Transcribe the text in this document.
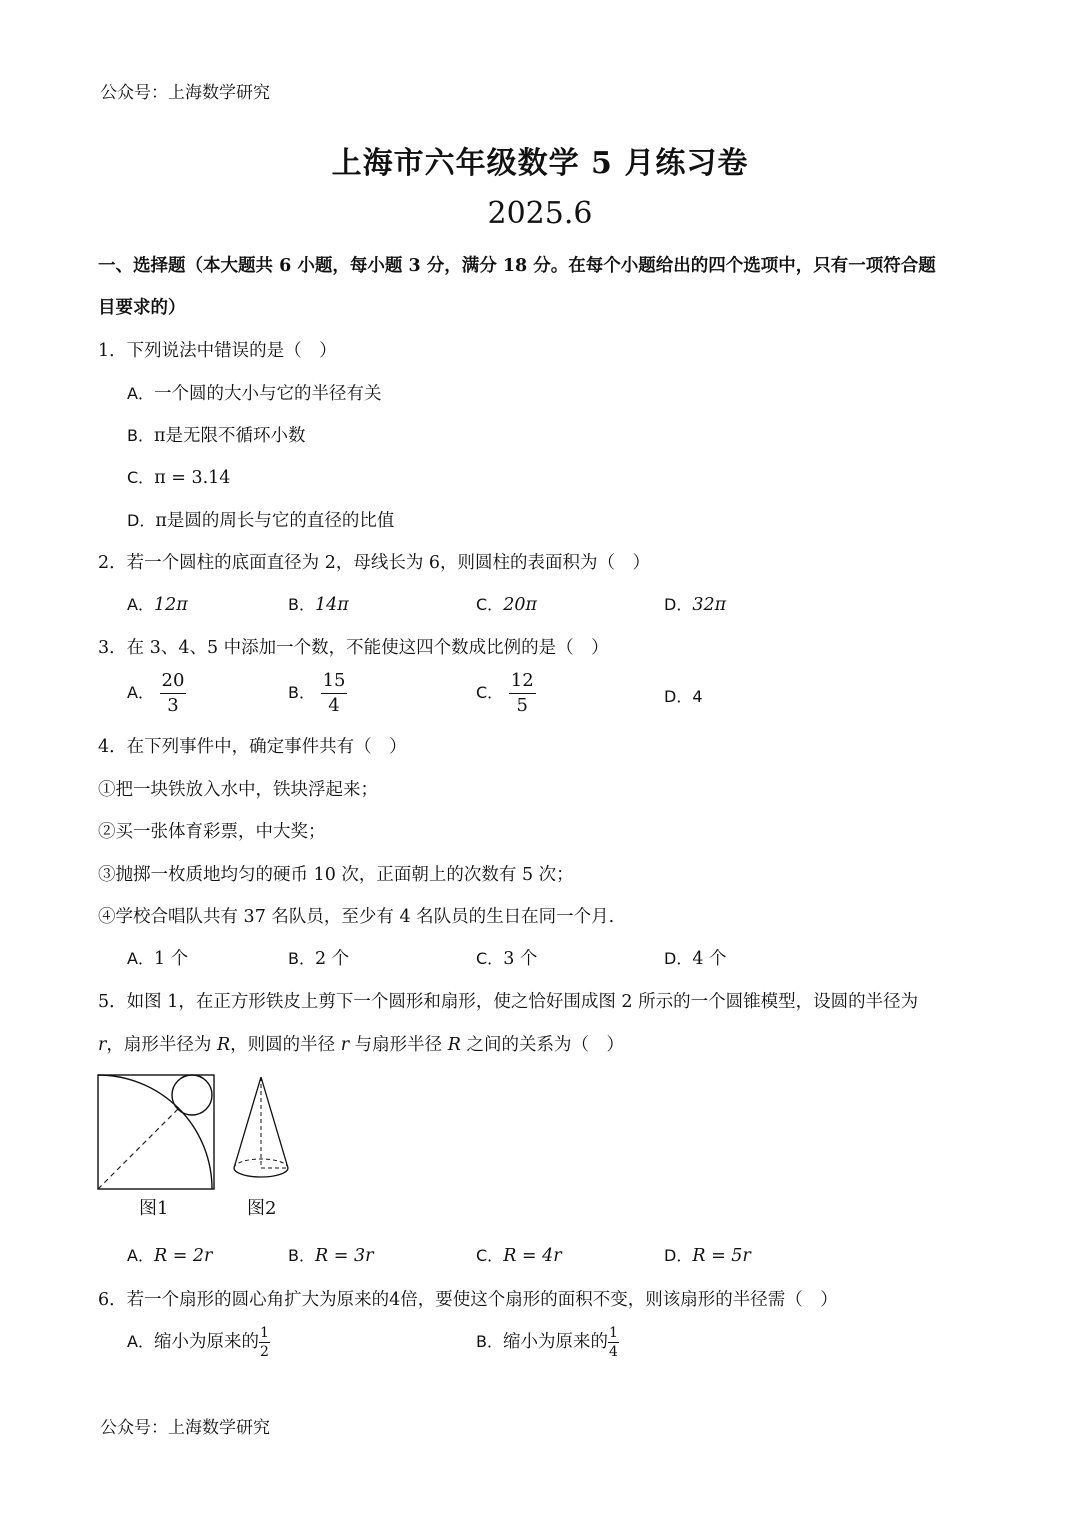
公众号：上海数学研究
上海市六年级数学 5 月练习卷
2025.6
一、选择题（本大题共 6 小题，每小题 3 分，满分 18 分。在每个小题给出的四个选项中，只有一项符合题
目要求的）
1．下列说法中错误的是（　）
A．一个圆的大小与它的半径有关
B．π是无限不循环小数
C．π = 3.14
D．π是圆的周长与它的直径的比值
2．若一个圆柱的底面直径为 2，母线长为 6，则圆柱的表面积为（　）
A．12π	B．14π	C．20π	D．32π
3．在 3、4、5 中添加一个数，不能使这四个数成比例的是（　）
A． $\frac{20}{3}$	B． $\frac{15}{4}$	C． $\frac{12}{5}$	D．4
4．在下列事件中，确定事件共有（　）
①把一块铁放入水中，铁块浮起来；
②买一张体育彩票，中大奖；
③抛掷一枚质地均匀的硬币 10 次，正面朝上的次数有 5 次；
④学校合唱队共有 37 名队员，至少有 4 名队员的生日在同一个月.
A．1 个	B．2 个	C．3 个	D．4 个
5．如图 1，在正方形铁皮上剪下一个圆形和扇形，使之恰好围成图 2 所示的一个圆锥模型，设圆的半径为
r，扇形半径为 R，则圆的半径 r 与扇形半径 R 之间的关系为（　）
图1	图2
A．R = 2r	B．R = 3r	C．R = 4r	D．R = 5r
6．若一个扇形的圆心角扩大为原来的4倍，要使这个扇形的面积不变，则该扇形的半径需（　）
A．缩小为原来的 $\frac{1}{2}$	B．缩小为原来的 $\frac{1}{4}$
公众号：上海数学研究
